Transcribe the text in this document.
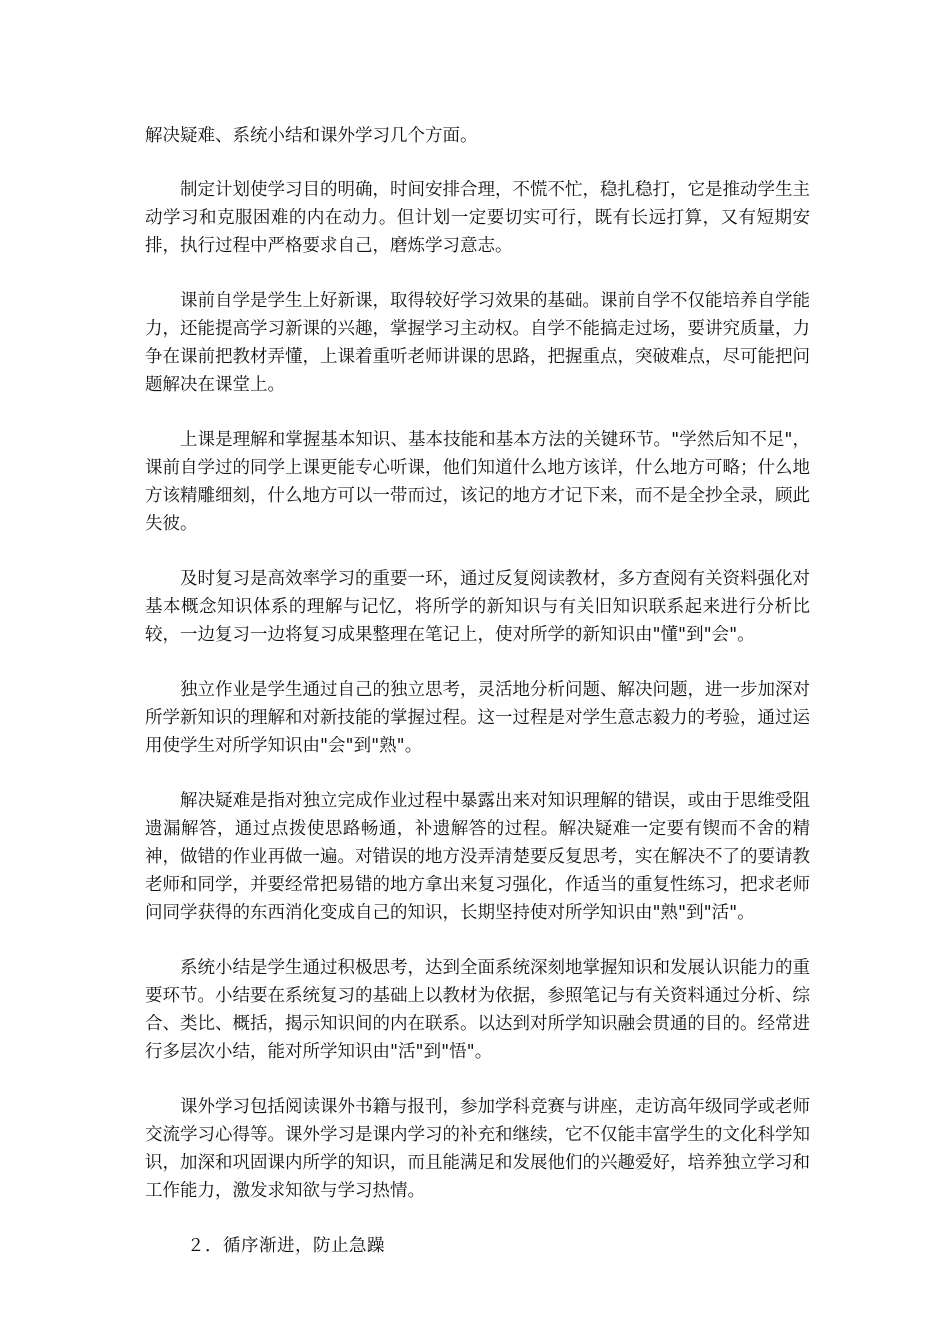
解决疑难、系统小结和课外学习几个方面。

制定计划使学习目的明确，时间安排合理，不慌不忙，稳扎稳打，它是推动学生主动学习和克服困难的内在动力。但计划一定要切实可行，既有长远打算，又有短期安排，执行过程中严格要求自己，磨炼学习意志。

课前自学是学生上好新课，取得较好学习效果的基础。课前自学不仅能培养自学能力，还能提高学习新课的兴趣，掌握学习主动权。自学不能搞走过场，要讲究质量，力争在课前把教材弄懂，上课着重听老师讲课的思路，把握重点，突破难点，尽可能把问题解决在课堂上。

上课是理解和掌握基本知识、基本技能和基本方法的关键环节。"学然后知不足"，课前自学过的同学上课更能专心听课，他们知道什么地方该详，什么地方可略；什么地方该精雕细刻，什么地方可以一带而过，该记的地方才记下来，而不是全抄全录，顾此失彼。

及时复习是高效率学习的重要一环，通过反复阅读教材，多方查阅有关资料强化对基本概念知识体系的理解与记忆，将所学的新知识与有关旧知识联系起来进行分析比较，一边复习一边将复习成果整理在笔记上，使对所学的新知识由"懂"到"会"。

独立作业是学生通过自己的独立思考，灵活地分析问题、解决问题，进一步加深对所学新知识的理解和对新技能的掌握过程。这一过程是对学生意志毅力的考验，通过运用使学生对所学知识由"会"到"熟"。

解决疑难是指对独立完成作业过程中暴露出来对知识理解的错误，或由于思维受阻遗漏解答，通过点拨使思路畅通，补遗解答的过程。解决疑难一定要有锲而不舍的精神，做错的作业再做一遍。对错误的地方没弄清楚要反复思考，实在解决不了的要请教老师和同学，并要经常把易错的地方拿出来复习强化，作适当的重复性练习，把求老师问同学获得的东西消化变成自己的知识，长期坚持使对所学知识由"熟"到"活"。

系统小结是学生通过积极思考，达到全面系统深刻地掌握知识和发展认识能力的重要环节。小结要在系统复习的基础上以教材为依据，参照笔记与有关资料通过分析、综合、类比、概括，揭示知识间的内在联系。以达到对所学知识融会贯通的目的。经常进行多层次小结，能对所学知识由"活"到"悟"。

课外学习包括阅读课外书籍与报刊，参加学科竞赛与讲座，走访高年级同学或老师交流学习心得等。课外学习是课内学习的补充和继续，它不仅能丰富学生的文化科学知识，加深和巩固课内所学的知识，而且能满足和发展他们的兴趣爱好，培养独立学习和工作能力，激发求知欲与学习热情。

２．循序渐进，防止急躁
